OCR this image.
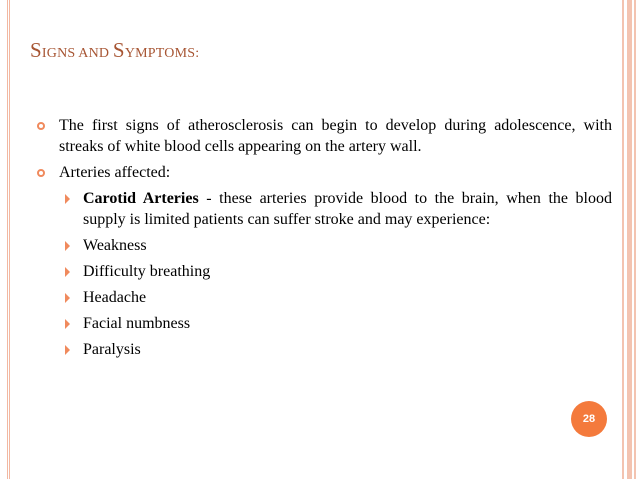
SIGNS AND SYMPTOMS:
The first signs of atherosclerosis can begin to develop during adolescence, with streaks of white blood cells appearing on the artery wall.
Arteries affected:
Carotid Arteries - these arteries provide blood to the brain, when the blood supply is limited patients can suffer stroke and may experience:
Weakness
Difficulty breathing
Headache
Facial numbness
Paralysis
28
